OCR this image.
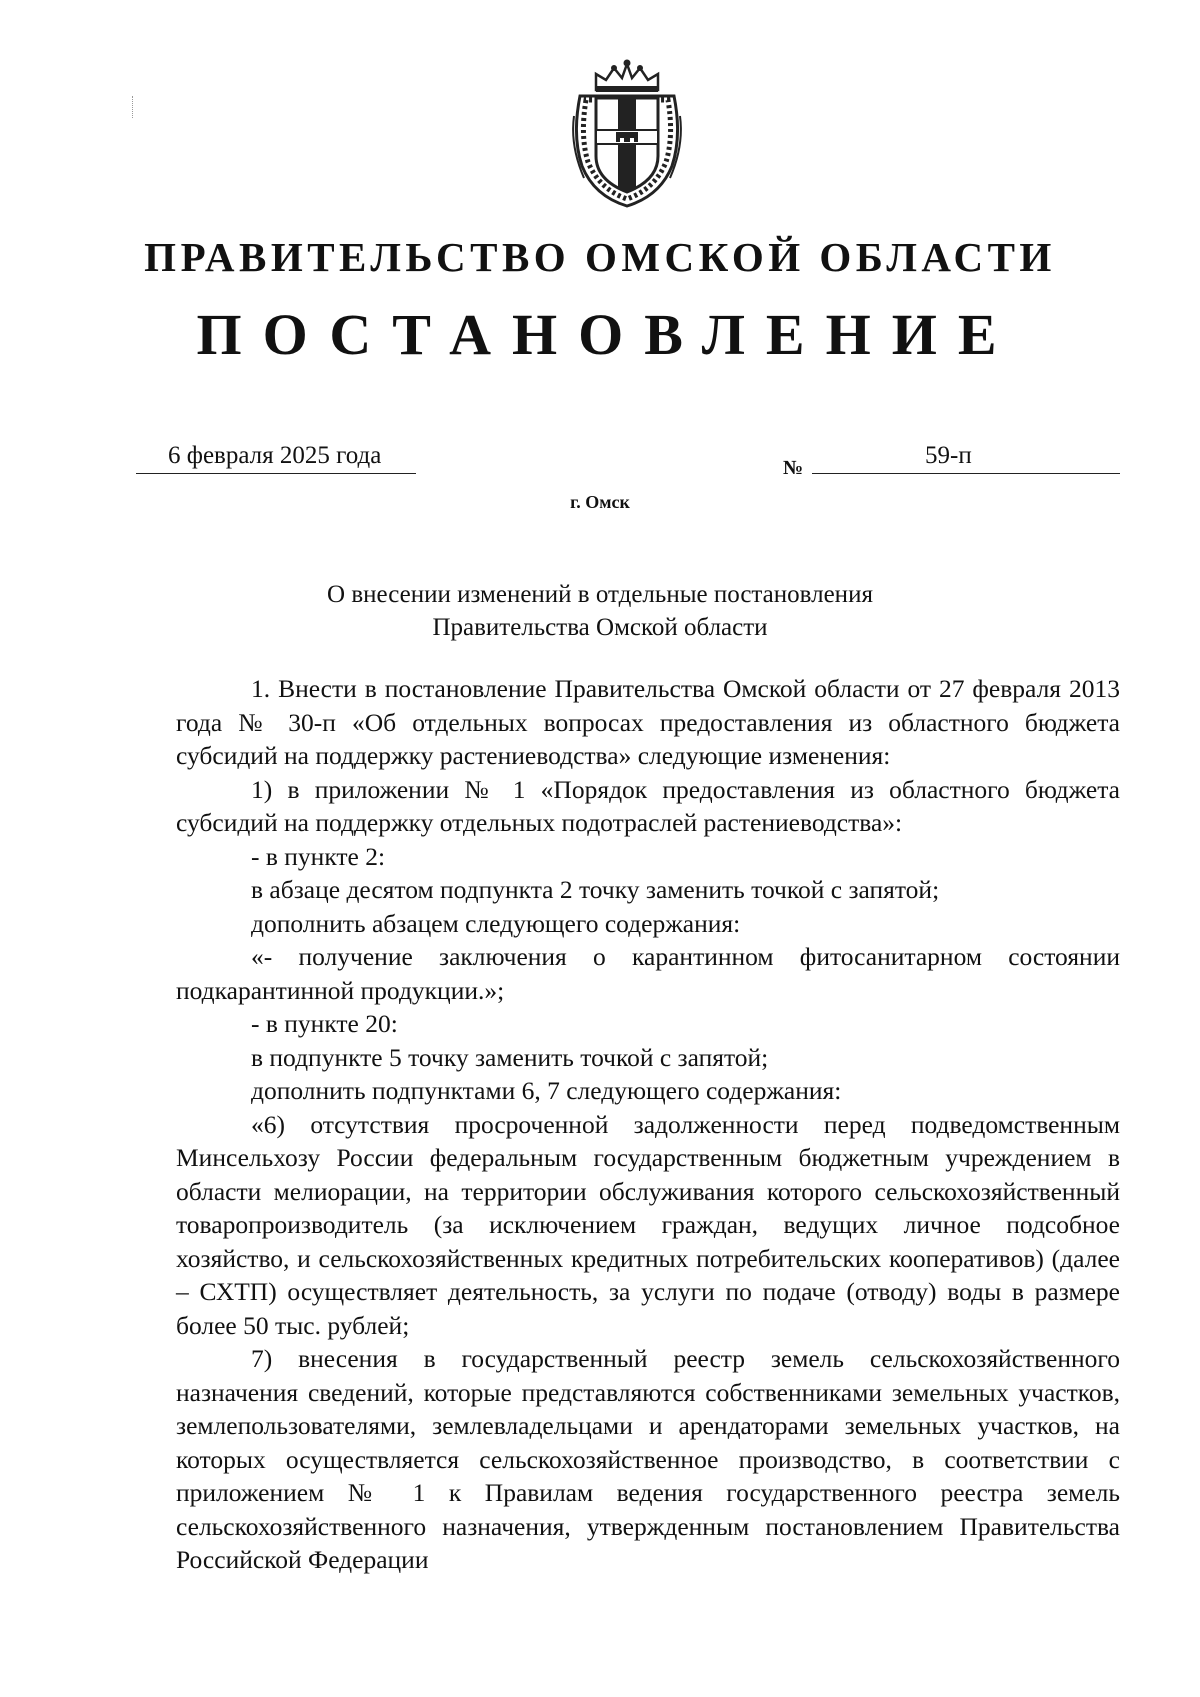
ПРАВИТЕЛЬСТВО ОМСКОЙ ОБЛАСТИ
ПОСТАНОВЛЕНИЕ
6 февраля 2025 года	№	59-п
г. Омск
О внесении изменений в отдельные постановления
Правительства Омской области

1. Внести в постановление Правительства Омской области от 27 февраля 2013 года № 30-п «Об отдельных вопросах предоставления из областного бюджета субсидий на поддержку растениеводства» следующие изменения:

1) в приложении № 1 «Порядок предоставления из областного бюджета субсидий на поддержку отдельных подотраслей растениеводства»:

- в пункте 2:

в абзаце десятом подпункта 2 точку заменить точкой с запятой;

дополнить абзацем следующего содержания:

«- получение заключения о карантинном фитосанитарном состоянии подкарантинной продукции.»;

- в пункте 20:

в подпункте 5 точку заменить точкой с запятой;

дополнить подпунктами 6, 7 следующего содержания:

«6) отсутствия просроченной задолженности перед подведомственным Минсельхозу России федеральным государственным бюджетным учреждением в области мелиорации, на территории обслуживания которого сельскохозяйственный товаропроизводитель (за исключением граждан, ведущих личное подсобное хозяйство, и сельскохозяйственных кредитных потребительских кооперативов) (далее – СХТП) осуществляет деятельность, за услуги по подаче (отводу) воды в размере более 50 тыс. рублей;

7) внесения в государственный реестр земель сельскохозяйственного назначения сведений, которые представляются собственниками земельных участков, землепользователями, землевладельцами и арендаторами земельных участков, на которых осуществляется сельскохозяйственное производство, в соответствии с приложением № 1 к Правилам ведения государственного реестра земель сельскохозяйственного назначения, утвержденным постановлением Правительства Российской Федерации
